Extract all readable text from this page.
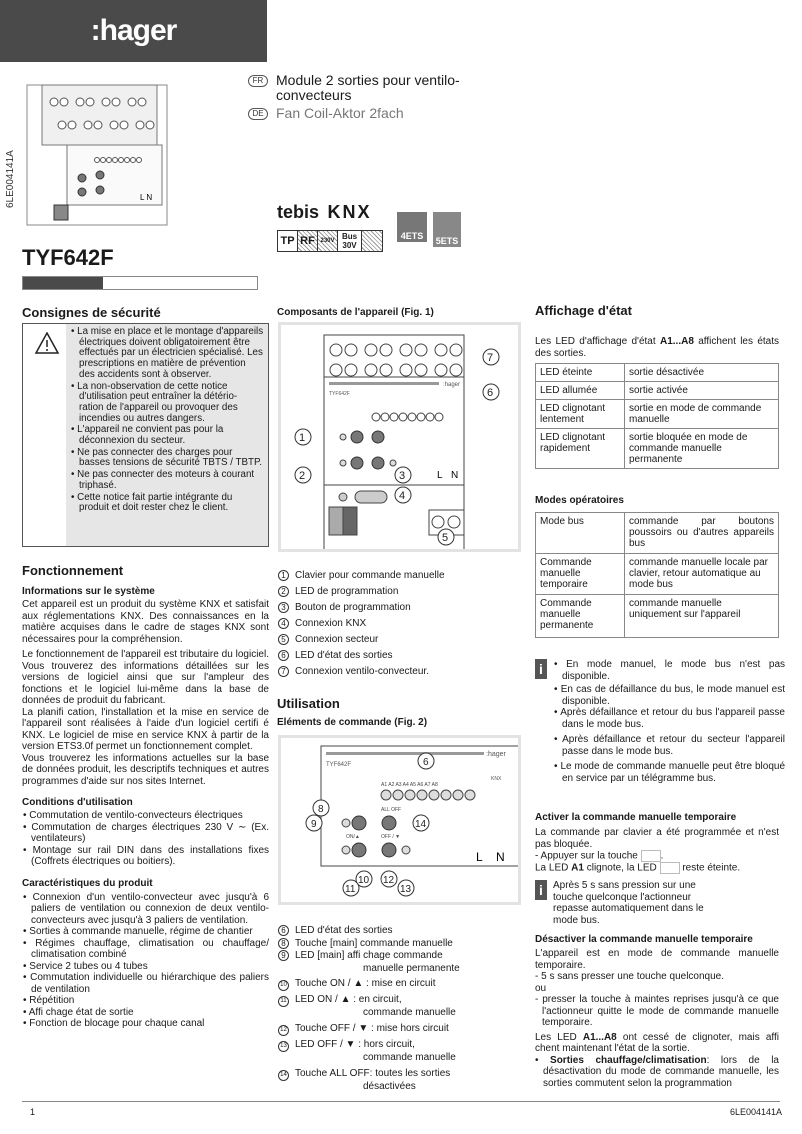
:hager
6LE004141A	L N
FR Module 2 sorties pour ventilo-
convecteurs
DE Fan Coil-Aktor 2fach
tebis KNX
TP RF 230V Bus
30V
4ETS	5ETS
TYF642F
Consignes de sécurité
• La mise en place et le montage d'appareils électriques doivent obligatoirement être effectués par un électricien spécialisé. Les prescriptions en matière de prévention des accidents sont à observer.
• La non-observation de cette notice d'utilisation peut entraîner la détério- ration de l'appareil ou provoquer des incendies ou autres dangers.
• L'appareil ne convient pas pour la déconnexion du secteur.
• Ne pas connecter des charges pour basses tensions de sécurité TBTS / TBTP.
• Ne pas connecter des moteurs à courant triphasé.
• Cette notice fait partie intégrante du produit et doit rester chez le client.
Fonctionnement
Informations sur le système

Cet appareil est un produit du système KNX et satisfait aux réglementations KNX. Des connaissances en la matière acquises dans le cadre de stages KNX sont nécessaires pour la compréhension.

Le fonctionnement de l'appareil est tributaire du logiciel. Vous trouverez des informations détaillées sur les versions de logiciel ainsi que sur l'ampleur des fonctions et le logiciel lui-même dans la base de données de produit du fabricant.

La planifi cation, l'installation et la mise en service de l'appareil sont réalisées à l'aide d'un logiciel certifi é KNX. Le logiciel de mise en service KNX à partir de la version ETS3.0f permet un fonctionnement complet.

Vous trouverez les informations actuelles sur la base de données produit, les descriptifs techniques et autres programmes d'aide sur nos sites Internet.

Conditions d'utilisation
• Commutation de ventilo-convecteurs électriques
• Commutation de charges électriques 230 V ∼ (Ex. ventilateurs)
• Montage sur rail DIN dans des installations fixes (Coffrets électriques ou boitiers).
Caractéristiques du produit
• Connexion d'un ventilo-convecteur avec jusqu'à 6 paliers de ventilation ou connexion de deux ventilo-convecteurs avec jusqu'à 3 paliers de ventilation.
• Sorties à commande manuelle, régime de chantier
• Régimes chauffage, climatisation ou chauffage/ climatisation combiné
• Service 2 tubes ou 4 tubes
• Commutation individuelle ou hiérarchique des paliers de ventilation
• Répétition
• Affi chage état de sortie
• Fonction de blocage pour chaque canal
Composants de l'appareil (Fig. 1)
:hager
TYF642F
L N
7
6
1
2	3
4
5
1 Clavier pour commande manuelle
2 LED de programmation
3 Bouton de programmation
4 Connexion KNX
5 Connexion secteur
6 LED d'état des sorties
7 Connexion ventilo-convecteur.
Utilisation
Eléments de commande (Fig. 2)
:hager
TYF642F
KNX
A1 A2 A3 A4 A5 A6 A7 A8
ALL OFF
ON/▲	OFF / ▼
L N
6
8
9	14
11
10 12
13
6 LED d'état des sorties
8 Touche [main] commande manuelle
9 LED [main] affi chage commande
manuelle permanente
10 Touche ON / ▲ : mise en circuit
11 LED ON / ▲ : en circuit,
commande manuelle
12 Touche OFF / ▼ : mise hors circuit
13 LED OFF / ▼ : hors circuit,
commande manuelle
14 Touche ALL OFF: toutes les sorties
désactivées
Affichage d'état

Les LED d'affichage d'état A1...A8 affichent les états des sorties.

LED éteinte	sortie désactivée
LED allumée	sortie activée
LED clignotant lentement	sortie en mode de commande manuelle
LED clignotant rapidement	sortie bloquée en mode de commande manuelle permanente
Modes opératoires
Mode bus	commande par boutons poussoirs ou d'autres appareils bus
Commande manuelle temporaire	commande manuelle locale par clavier, retour automatique au mode bus
Commande manuelle permanente	commande manuelle uniquement sur l'appareil
i	• En mode manuel, le mode bus n'est pas disponible.
• En cas de défaillance du bus, le mode manuel est disponible.
• Après défaillance et retour du bus l'appareil passe dans le mode bus.
• Après défaillance et retour du secteur l'appareil passe dans le mode bus.
• Le mode de commande manuelle peut être bloqué en service par un télégramme bus.
Activer la commande manuelle temporaire

La commande par clavier a été programmée et n'est pas bloquée.

- Appuyer sur la touche .

La LED A1 clignote, la LED	reste éteinte.

i	Après 5 s sans pression sur une touche quelconque l'actionneur repasse automatiquement dans le mode bus.

Désactiver la commande manuelle temporaire

L'appareil est en mode de commande manuelle temporaire.

- 5 s sans presser une touche quelconque.

ou

- presser la touche à maintes reprises jusqu'à ce que l'actionneur quitte le mode de commande manuelle temporaire.

Les LED A1...A8 ont cessé de clignoter, mais affi chent maintenant l'état de la sortie.

• Sorties chauffage/climatisation: lors de la désactivation du mode de commande manuelle, les sorties commutent selon la programmation

1	6LE004141A
